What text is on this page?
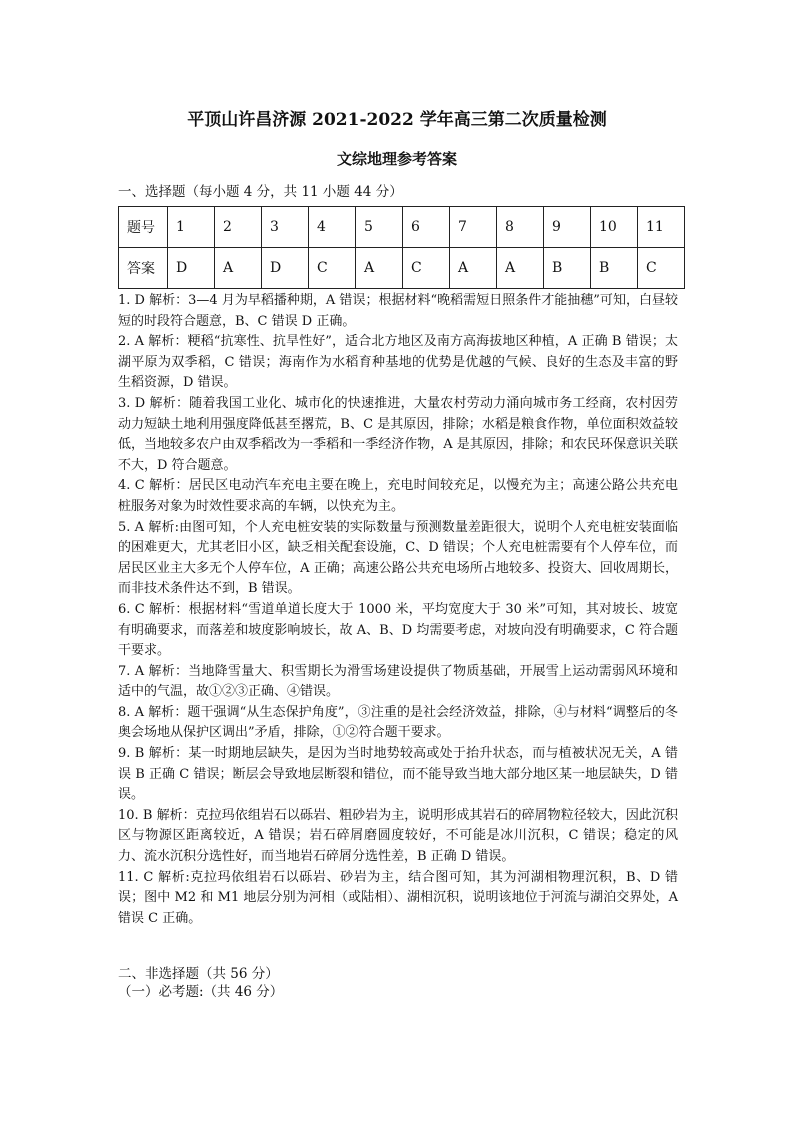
平顶山许昌济源 2021-2022 学年高三第二次质量检测
文综地理参考答案
一、选择题（每小题 4 分，共 11 小题 44 分）
题号	1	2	3	4	5	6	7	8	9	10	11
答案	D	A	D	C	A	C	A	A	B	B	C

1. D 解析：3—4 月为早稻播种期，A 错误；根据材料“晚稻需短日照条件才能抽穗”可知，白昼较短的时段符合题意，B、C 错误 D 正确。

2. A 解析：粳稻“抗寒性、抗旱性好”，适合北方地区及南方高海拔地区种植，A 正确 B 错误；太湖平原为双季稻，C 错误；海南作为水稻育种基地的优势是优越的气候、良好的生态及丰富的野生稻资源，D 错误。

3. D 解析：随着我国工业化、城市化的快速推进，大量农村劳动力涌向城市务工经商，农村因劳动力短缺土地利用强度降低甚至撂荒，B、C 是其原因，排除；水稻是粮食作物，单位面积效益较低，当地较多农户由双季稻改为一季稻和一季经济作物，A 是其原因，排除；和农民环保意识关联不大，D 符合题意。

4. C 解析：居民区电动汽车充电主要在晚上，充电时间较充足，以慢充为主；高速公路公共充电桩服务对象为时效性要求高的车辆，以快充为主。

5. A 解析:由图可知，个人充电桩安装的实际数量与预测数量差距很大，说明个人充电桩安装面临的困难更大，尤其老旧小区，缺乏相关配套设施，C、D 错误；个人充电桩需要有个人停车位，而居民区业主大多无个人停车位，A 正确；高速公路公共充电场所占地较多、投资大、回收周期长，而非技术条件达不到，B 错误。

6. C 解析：根据材料“雪道单道长度大于 1000 米，平均宽度大于 30 米”可知，其对坡长、坡宽有明确要求，而落差和坡度影响坡长，故 A、B、D 均需要考虑，对坡向没有明确要求，C 符合题干要求。

7. A 解析：当地降雪量大、积雪期长为滑雪场建设提供了物质基础，开展雪上运动需弱风环境和适中的气温，故①②③正确、④错误。

8. A 解析：题干强调“从生态保护角度”，③注重的是社会经济效益，排除，④与材料“调整后的冬奥会场地从保护区调出”矛盾，排除，①②符合题干要求。

9. B 解析：某一时期地层缺失，是因为当时地势较高或处于抬升状态，而与植被状况无关，A 错误 B 正确 C 错误；断层会导致地层断裂和错位，而不能导致当地大部分地区某一地层缺失，D 错误。

10. B 解析：克拉玛依组岩石以砾岩、粗砂岩为主，说明形成其岩石的碎屑物粒径较大，因此沉积区与物源区距离较近，A 错误；岩石碎屑磨圆度较好，不可能是冰川沉积，C 错误；稳定的风力、流水沉积分选性好，而当地岩石碎屑分选性差，B 正确 D 错误。

11. C 解析:克拉玛依组岩石以砾岩、砂岩为主，结合图可知，其为河湖相物理沉积，B、D 错误；图中 M2 和 M1 地层分别为河相（或陆相）、湖相沉积，说明该地位于河流与湖泊交界处，A 错误 C 正确。

二、非选择题（共 56 分）
（一）必考题:（共 46 分）
